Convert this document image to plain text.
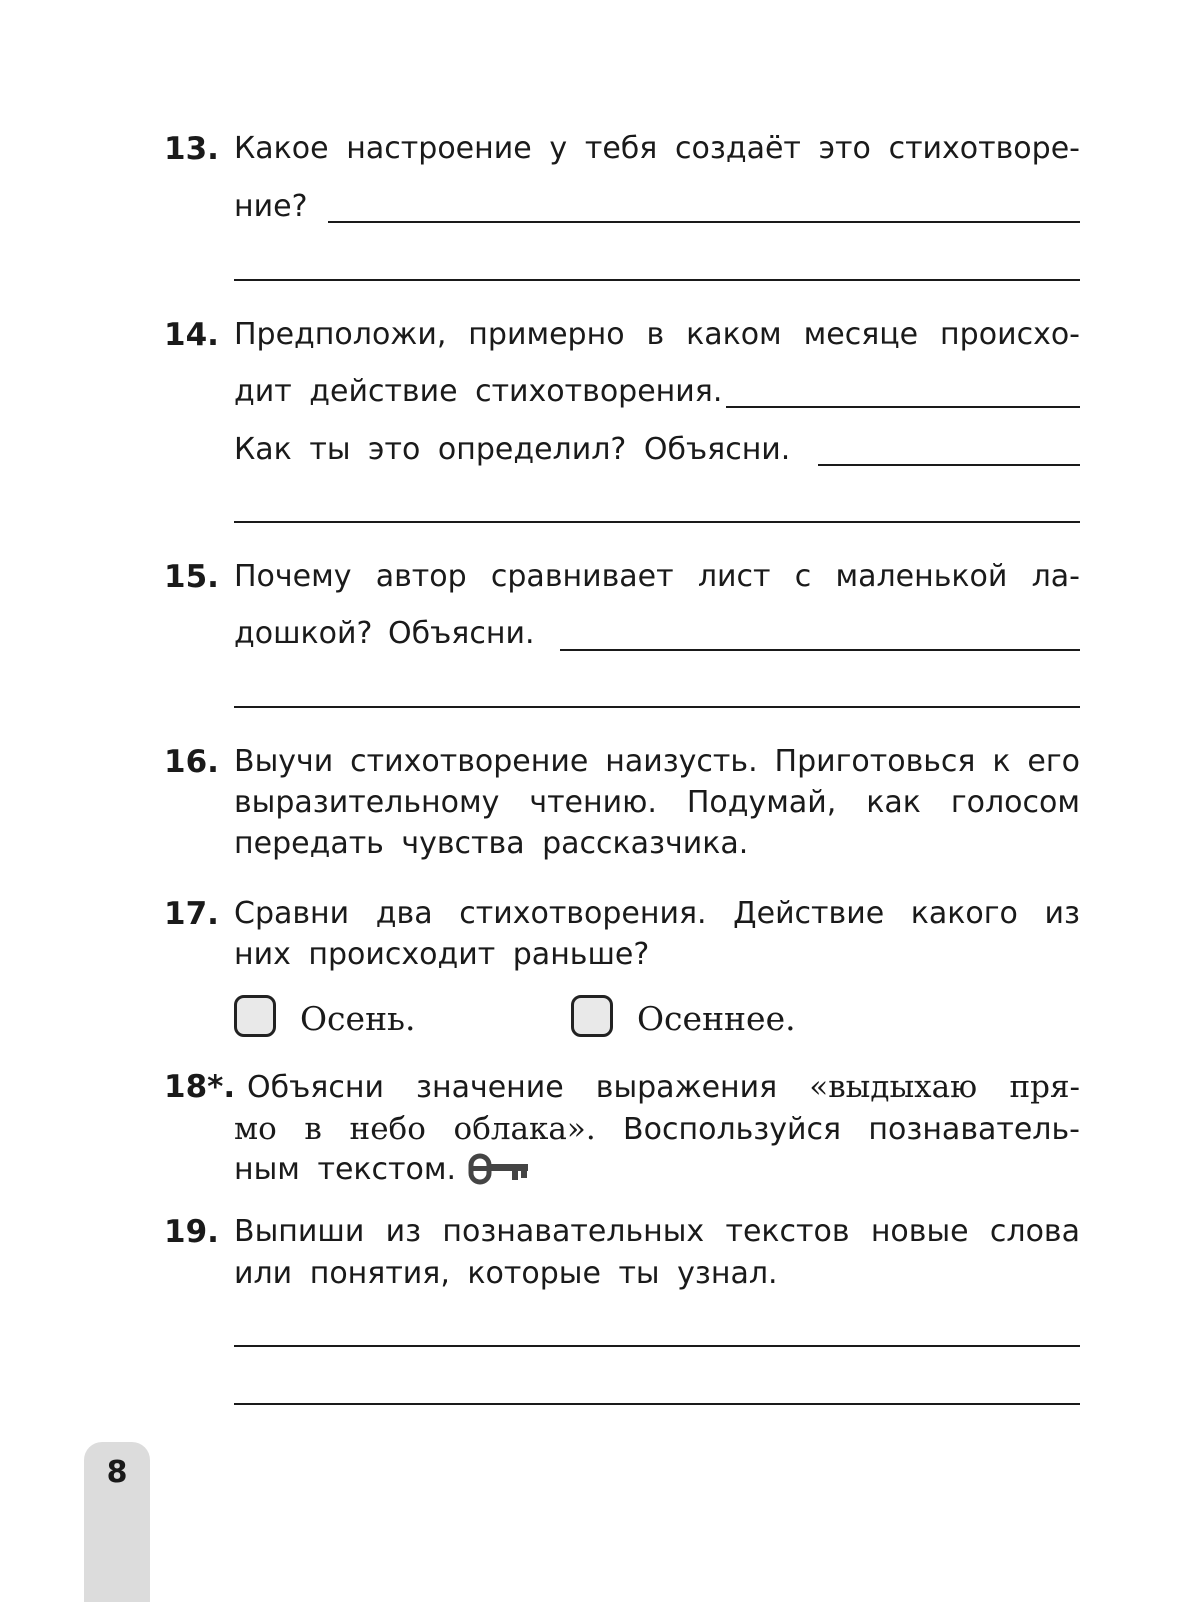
13. Какое настроение у тебя создаёт это стихотворе-
ние?
14. Предположи, примерно в каком месяце происхо-
дит действие стихотворения.
Как ты это определил? Объясни.
15. Почему автор сравнивает лист с маленькой ла-
дошкой? Объясни.
16. Выучи стихотворение наизусть. Приготовься к его
выразительному чтению. Подумай, как голосом
передать чувства рассказчика.
17. Сравни два стихотворения. Действие какого из
них происходит раньше?
Осень.	Осеннее.
18*. Объясни значение выражения «выдыхаю пря-
мо в небо облака». Воспользуйся познаватель-
ным текстом.
19. Выпиши из познавательных текстов новые слова
или понятия, которые ты узнал.
8
